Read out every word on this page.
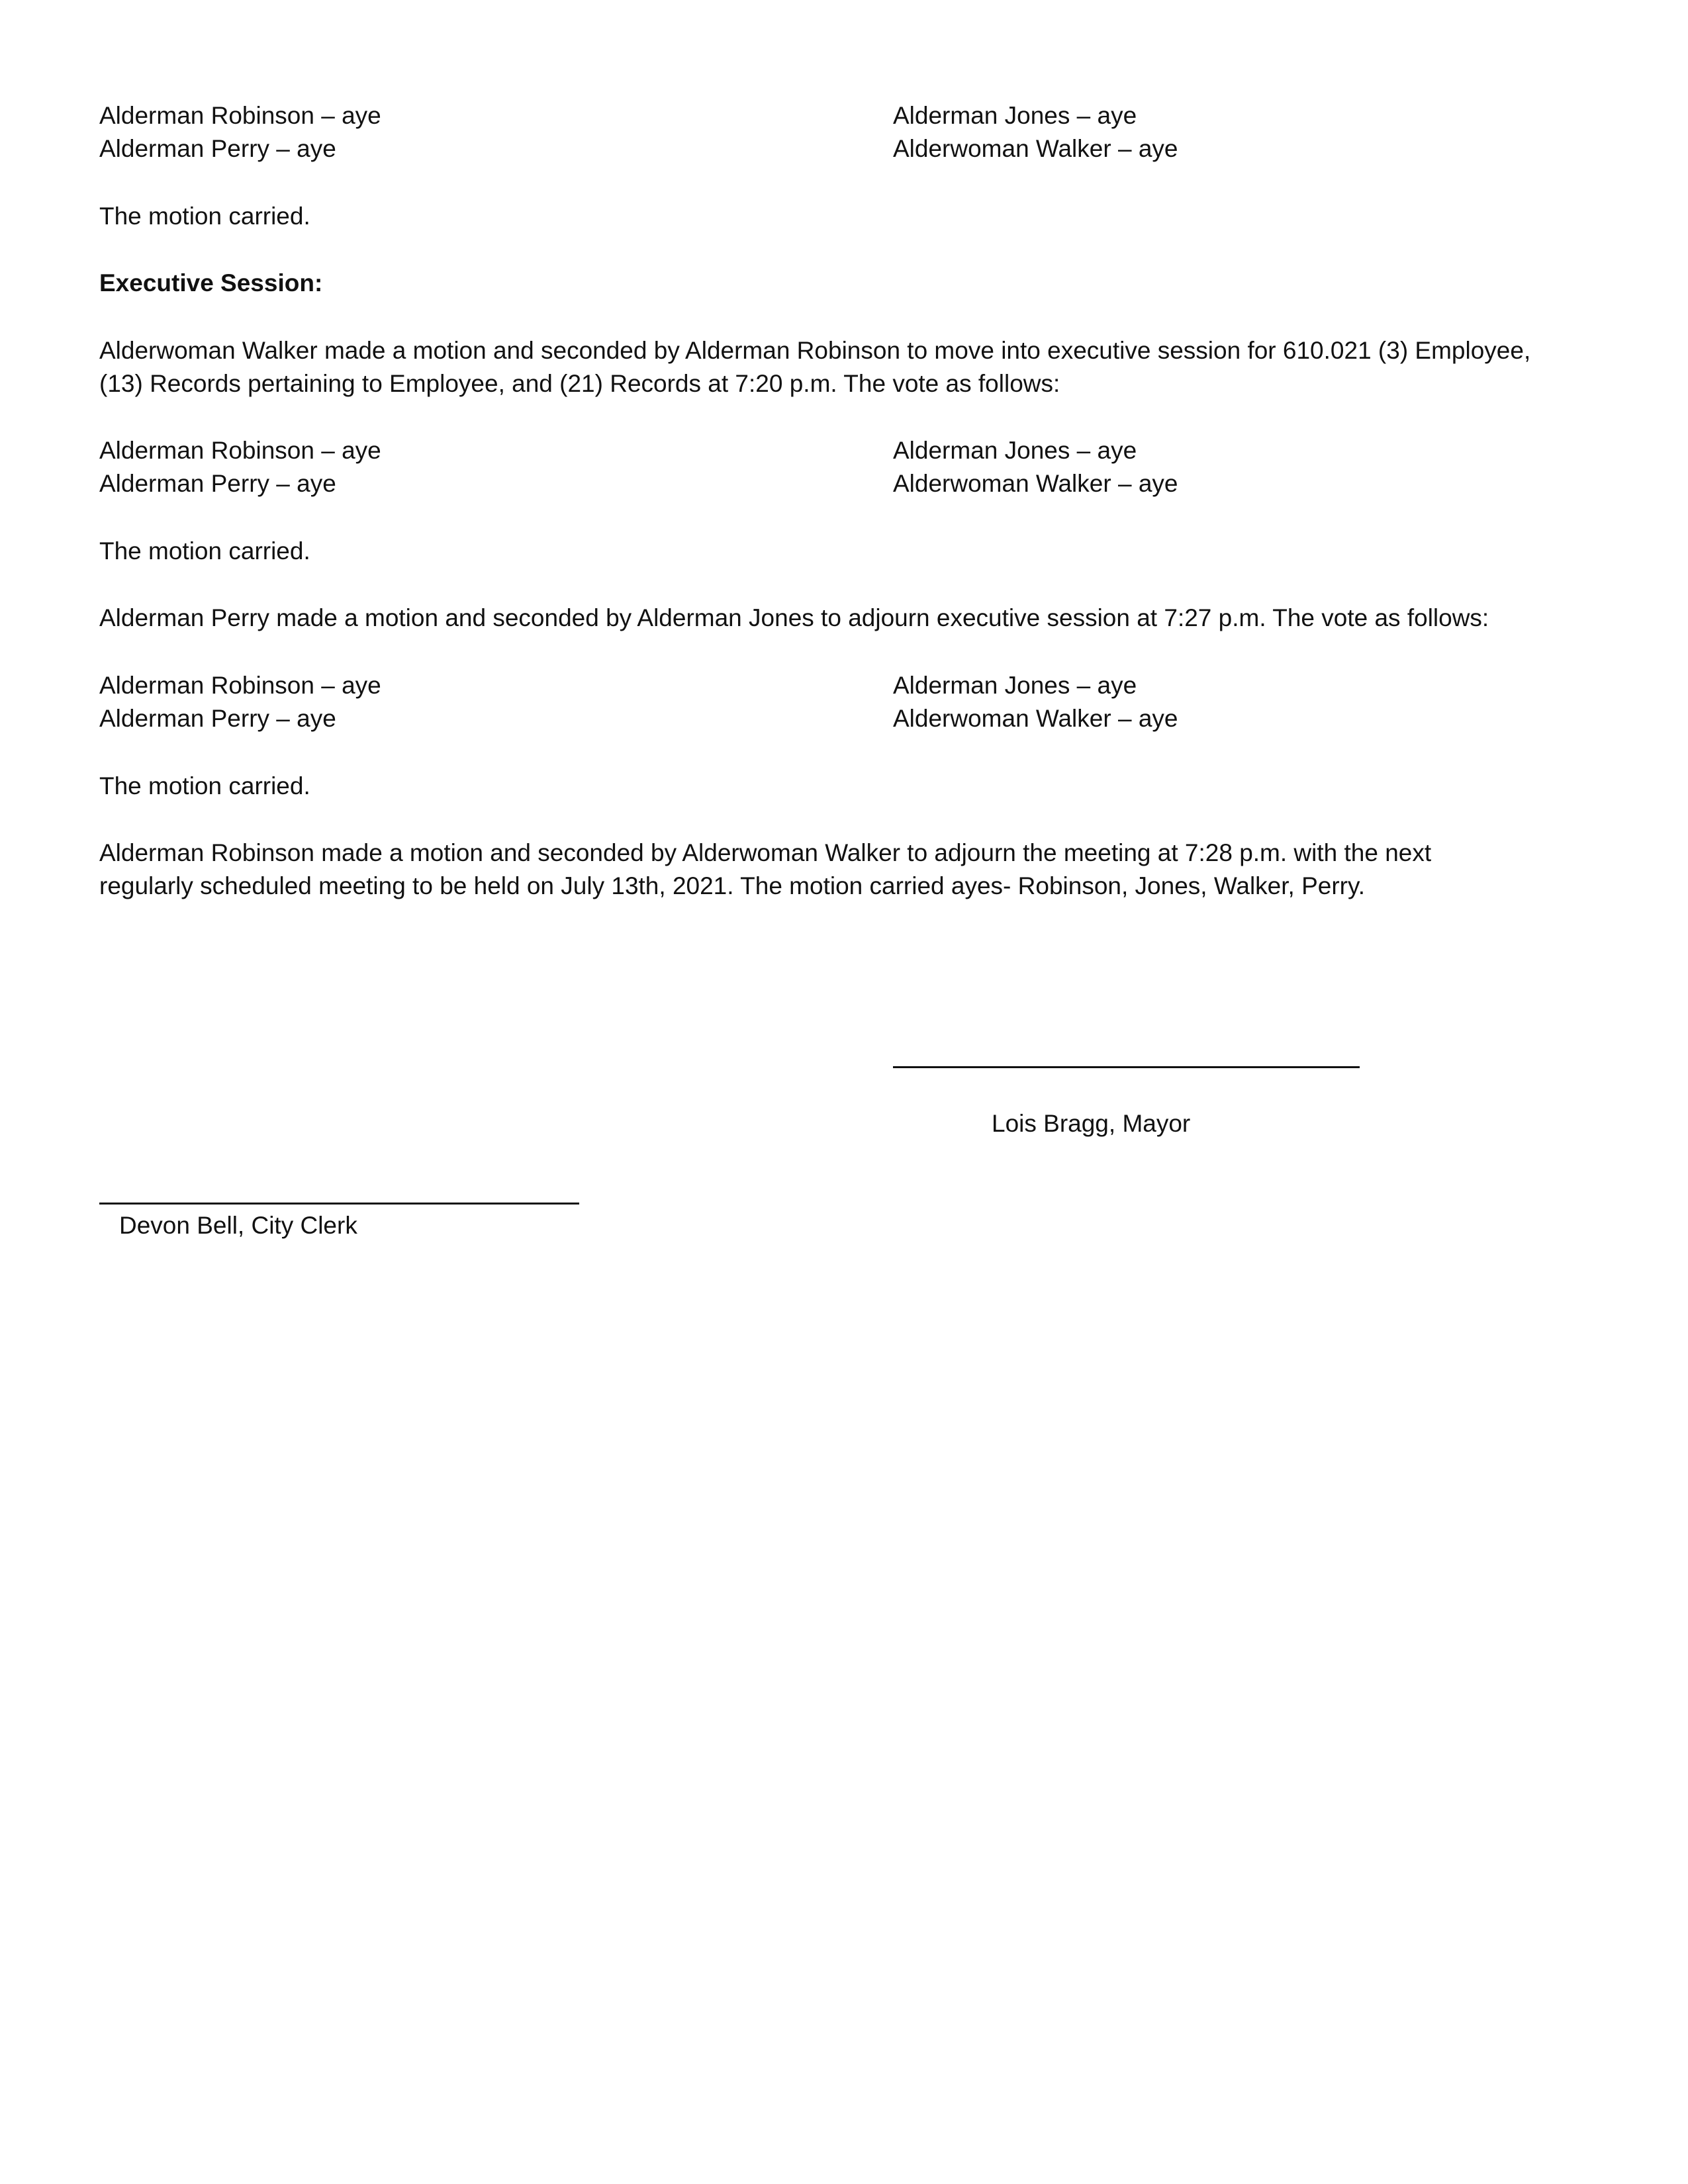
Alderman Robinson – aye
Alderman Perry – aye
Alderman Jones – aye
Alderwoman Walker – aye
The motion carried.
Executive Session:
Alderwoman Walker made a motion and seconded by Alderman Robinson to move into executive session for 610.021 (3) Employee,
(13) Records pertaining to Employee, and (21) Records at 7:20 p.m. The vote as follows:
Alderman Robinson – aye
Alderman Perry – aye
Alderman Jones – aye
Alderwoman Walker – aye
The motion carried.
Alderman Perry made a motion and seconded by Alderman Jones to adjourn executive session at 7:27 p.m. The vote as follows:
Alderman Robinson – aye
Alderman Perry – aye
Alderman Jones – aye
Alderwoman Walker – aye
The motion carried.
Alderman Robinson made a motion and seconded by Alderwoman Walker to adjourn the meeting at 7:28 p.m. with the next
regularly scheduled meeting to be held on July 13th, 2021. The motion carried ayes- Robinson, Jones, Walker, Perry.
Lois Bragg, Mayor
Devon Bell, City Clerk
